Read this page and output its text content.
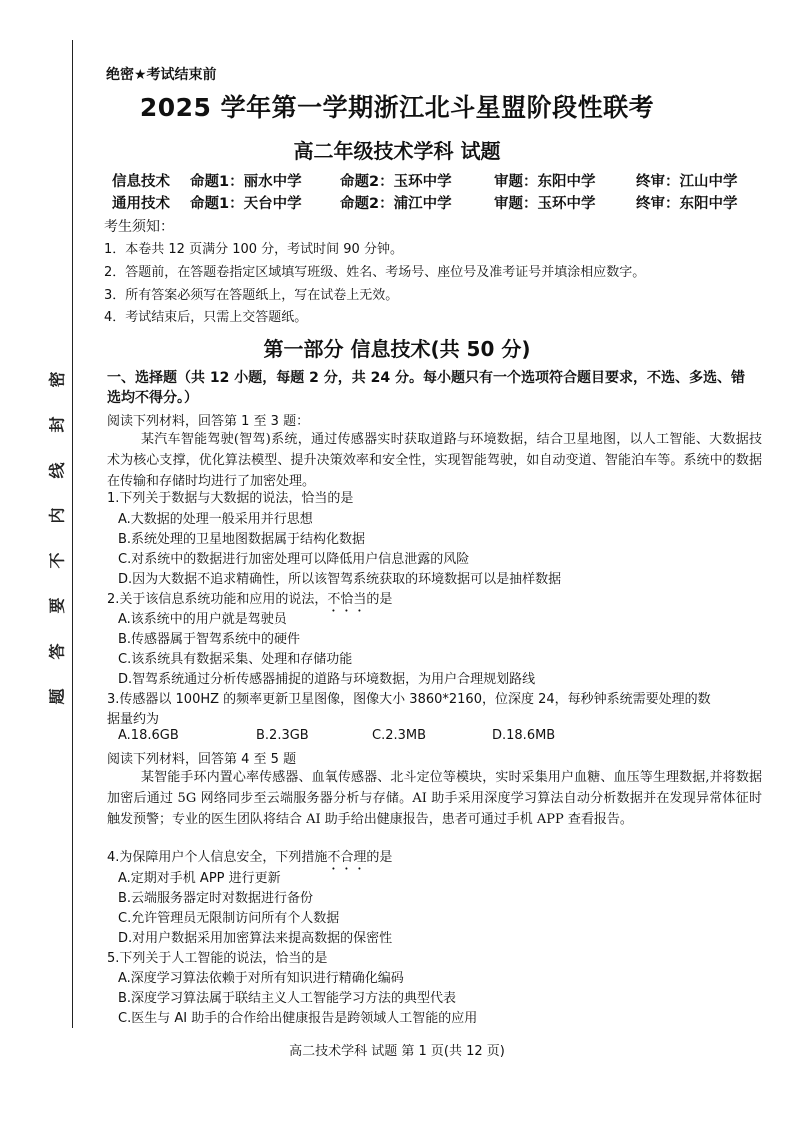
密
封
线
内
不
要
答
题
绝密★考试结束前
2025 学年第一学期浙江北斗星盟阶段性联考
高二年级技术学科 试题
信息技术 命题1：丽水中学	命题2：玉环中学	审题：东阳中学	终审：江山中学
通用技术 命题1：天台中学	命题2：浦江中学	审题：玉环中学	终审：东阳中学
考生须知：
1．本卷共 12 页满分 100 分，考试时间 90 分钟。
2．答题前，在答题卷指定区域填写班级、姓名、考场号、座位号及准考证号并填涂相应数字。
3．所有答案必须写在答题纸上，写在试卷上无效。
4．考试结束后，只需上交答题纸。
第一部分 信息技术(共 50 分)
一、选择题（共 12 小题，每题 2 分，共 24 分。每小题只有一个选项符合题目要求，不选、多选、错选均不得分。）
阅读下列材料，回答第 1 至 3 题：
某汽车智能驾驶(智驾)系统，通过传感器实时获取道路与环境数据，结合卫星地图，以人工智能、大数据技术为核心支撑，优化算法模型、提升决策效率和安全性，实现智能驾驶，如自动变道、智能泊车等。系统中的数据在传输和存储时均进行了加密处理。
1.下列关于数据与大数据的说法，恰当的是
A.大数据的处理一般采用并行思想
B.系统处理的卫星地图数据属于结构化数据
C.对系统中的数据进行加密处理可以降低用户信息泄露的风险
D.因为大数据不追求精确性，所以该智驾系统获取的环境数据可以是抽样数据
2.关于该信息系统功能和应用的说法，不恰当的是
A.该系统中的用户就是驾驶员
B.传感器属于智驾系统中的硬件
C.该系统具有数据采集、处理和存储功能
D.智驾系统通过分析传感器捕捉的道路与环境数据，为用户合理规划路线
3.传感器以 100HZ 的频率更新卫星图像，图像大小 3860*2160，位深度 24，每秒钟系统需要处理的数
据量约为
A.18.6GB	B.2.3GB	C.2.3MB	D.18.6MB
阅读下列材料，回答第 4 至 5 题
某智能手环内置心率传感器、血氧传感器、北斗定位等模块，实时采集用户血糖、血压等生理数据,并将数据加密后通过 5G 网络同步至云端服务器分析与存储。AI 助手采用深度学习算法自动分析数据并在发现异常体征时触发预警；专业的医生团队将结合 AI 助手给出健康报告，患者可通过手机 APP 查看报告。
4.为保障用户个人信息安全，下列措施不合理的是
A.定期对手机 APP 进行更新
B.云端服务器定时对数据进行备份
C.允许管理员无限制访问所有个人数据
D.对用户数据采用加密算法来提高数据的保密性
5.下列关于人工智能的说法，恰当的是
A.深度学习算法依赖于对所有知识进行精确化编码
B.深度学习算法属于联结主义人工智能学习方法的典型代表
C.医生与 AI 助手的合作给出健康报告是跨领域人工智能的应用
高二技术学科 试题 第 1 页(共 12 页)
